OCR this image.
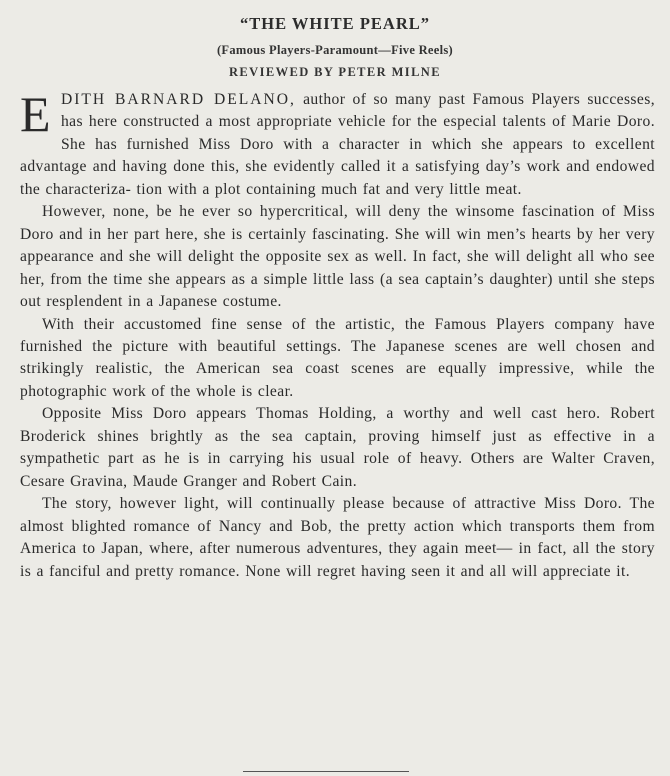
“THE WHITE PEARL”
(Famous Players-Paramount—Five Reels)
REVIEWED BY PETER MILNE

EDITH BARNARD DELANO, author of so many past Famous Players successes, has here constructed a most appropriate vehicle for the especial talents of Marie Doro. She has furnished Miss Doro with a character in which she appears to excellent advantage and having done this, she evidently called it a satisfying day’s work and endowed the characteriza- tion with a plot containing much fat and very little meat.

However, none, be he ever so hypercritical, will deny the winsome fascination of Miss Doro and in her part here, she is certainly fascinating. She will win men’s hearts by her very appearance and she will delight the opposite sex as well. In fact, she will delight all who see her, from the time she appears as a simple little lass (a sea captain’s daughter) until she steps out resplendent in a Japanese costume.

With their accustomed fine sense of the artistic, the Famous Players company have furnished the picture with beautiful settings. The Japanese scenes are well chosen and strikingly realistic, the American sea coast scenes are equally impressive, while the photographic work of the whole is clear.

Opposite Miss Doro appears Thomas Holding, a worthy and well cast hero. Robert Broderick shines brightly as the sea captain, proving himself just as effective in a sympathetic part as he is in carrying his usual role of heavy. Others are Walter Craven, Cesare Gravina, Maude Granger and Robert Cain.

The story, however light, will continually please because of attractive Miss Doro. The almost blighted romance of Nancy and Bob, the pretty action which transports them from America to Japan, where, after numerous adventures, they again meet— in fact, all the story is a fanciful and pretty romance. None will regret having seen it and all will appreciate it.
